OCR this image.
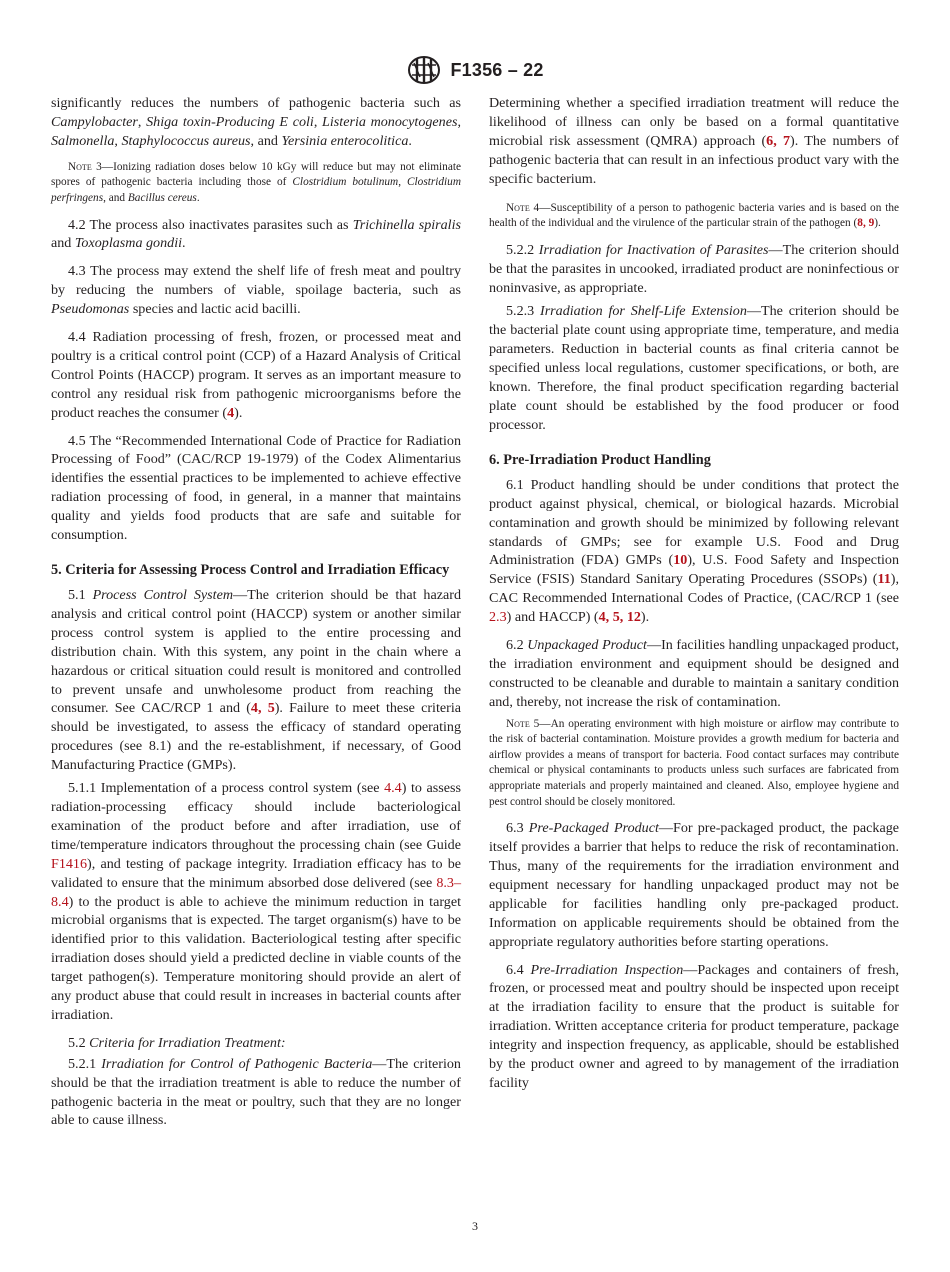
F1356 – 22

significantly reduces the numbers of pathogenic bacteria such as Campylobacter, Shiga toxin-Producing E coli, Listeria monocytogenes, Salmonella, Staphylococcus aureus, and Yersinia enterocolitica.

Note 3—Ionizing radiation doses below 10 kGy will reduce but may not eliminate spores of pathogenic bacteria including those of Clostridium botulinum, Clostridium perfringens, and Bacillus cereus.

4.2 The process also inactivates parasites such as Trichinella spiralis and Toxoplasma gondii.

4.3 The process may extend the shelf life of fresh meat and poultry by reducing the numbers of viable, spoilage bacteria, such as Pseudomonas species and lactic acid bacilli.

4.4 Radiation processing of fresh, frozen, or processed meat and poultry is a critical control point (CCP) of a Hazard Analysis of Critical Control Points (HACCP) program. It serves as an important measure to control any residual risk from pathogenic microorganisms before the product reaches the consumer (4).

4.5 The “Recommended International Code of Practice for Radiation Processing of Food” (CAC/RCP 19-1979) of the Codex Alimentarius identifies the essential practices to be implemented to achieve effective radiation processing of food, in general, in a manner that maintains quality and yields food products that are safe and suitable for consumption.

5. Criteria for Assessing Process Control and Irradiation Efficacy

5.1 Process Control System—The criterion should be that hazard analysis and critical control point (HACCP) system or another similar process control system is applied to the entire processing and distribution chain. With this system, any point in the chain where a hazardous or critical situation could result is monitored and controlled to prevent unsafe and unwholesome product from reaching the consumer. See CAC/RCP 1 and (4, 5). Failure to meet these criteria should be investigated, to assess the efficacy of standard operating procedures (see 8.1) and the re-establishment, if necessary, of Good Manufacturing Practice (GMPs).

5.1.1 Implementation of a process control system (see 4.4) to assess radiation-processing efficacy should include bacteriological examination of the product before and after irradiation, use of time/temperature indicators throughout the processing chain (see Guide F1416), and testing of package integrity. Irradiation efficacy has to be validated to ensure that the minimum absorbed dose delivered (see 8.3–8.4) to the product is able to achieve the minimum reduction in target microbial organisms that is expected. The target organism(s) have to be identified prior to this validation. Bacteriological testing after specific irradiation doses should yield a predicted decline in viable counts of the target pathogen(s). Temperature monitoring should provide an alert of any product abuse that could result in increases in bacterial counts after irradiation.

5.2 Criteria for Irradiation Treatment:

5.2.1 Irradiation for Control of Pathogenic Bacteria—The criterion should be that the irradiation treatment is able to reduce the number of pathogenic bacteria in the meat or poultry, such that they are no longer able to cause illness.

Determining whether a specified irradiation treatment will reduce the likelihood of illness can only be based on a formal quantitative microbial risk assessment (QMRA) approach (6, 7). The numbers of pathogenic bacteria that can result in an infectious product vary with the specific bacterium.

Note 4—Susceptibility of a person to pathogenic bacteria varies and is based on the health of the individual and the virulence of the particular strain of the pathogen (8, 9).

5.2.2 Irradiation for Inactivation of Parasites—The criterion should be that the parasites in uncooked, irradiated product are noninfectious or noninvasive, as appropriate.

5.2.3 Irradiation for Shelf-Life Extension—The criterion should be the bacterial plate count using appropriate time, temperature, and media parameters. Reduction in bacterial counts as final criteria cannot be specified unless local regulations, customer specifications, or both, are known. Therefore, the final product specification regarding bacterial plate count should be established by the food producer or food processor.

6. Pre-Irradiation Product Handling

6.1 Product handling should be under conditions that protect the product against physical, chemical, or biological hazards. Microbial contamination and growth should be minimized by following relevant standards of GMPs; see for example U.S. Food and Drug Administration (FDA) GMPs (10), U.S. Food Safety and Inspection Service (FSIS) Standard Sanitary Operating Procedures (SSOPs) (11), CAC Recommended International Codes of Practice, (CAC/RCP 1 (see 2.3) and HACCP) (4, 5, 12).

6.2 Unpackaged Product—In facilities handling unpackaged product, the irradiation environment and equipment should be designed and constructed to be cleanable and durable to maintain a sanitary condition and, thereby, not increase the risk of contamination.

Note 5—An operating environment with high moisture or airflow may contribute to the risk of bacterial contamination. Moisture provides a growth medium for bacteria and airflow provides a means of transport for bacteria. Food contact surfaces may contribute chemical or physical contaminants to products unless such surfaces are fabricated from appropriate materials and properly maintained and cleaned. Also, employee hygiene and pest control should be closely monitored.

6.3 Pre-Packaged Product—For pre-packaged product, the package itself provides a barrier that helps to reduce the risk of recontamination. Thus, many of the requirements for the irradiation environment and equipment necessary for handling unpackaged product may not be applicable for facilities handling only pre-packaged product. Information on applicable requirements should be obtained from the appropriate regulatory authorities before starting operations.

6.4 Pre-Irradiation Inspection—Packages and containers of fresh, frozen, or processed meat and poultry should be inspected upon receipt at the irradiation facility to ensure that the product is suitable for irradiation. Written acceptance criteria for product temperature, package integrity and inspection frequency, as applicable, should be established by the product owner and agreed to by management of the irradiation facility

3
